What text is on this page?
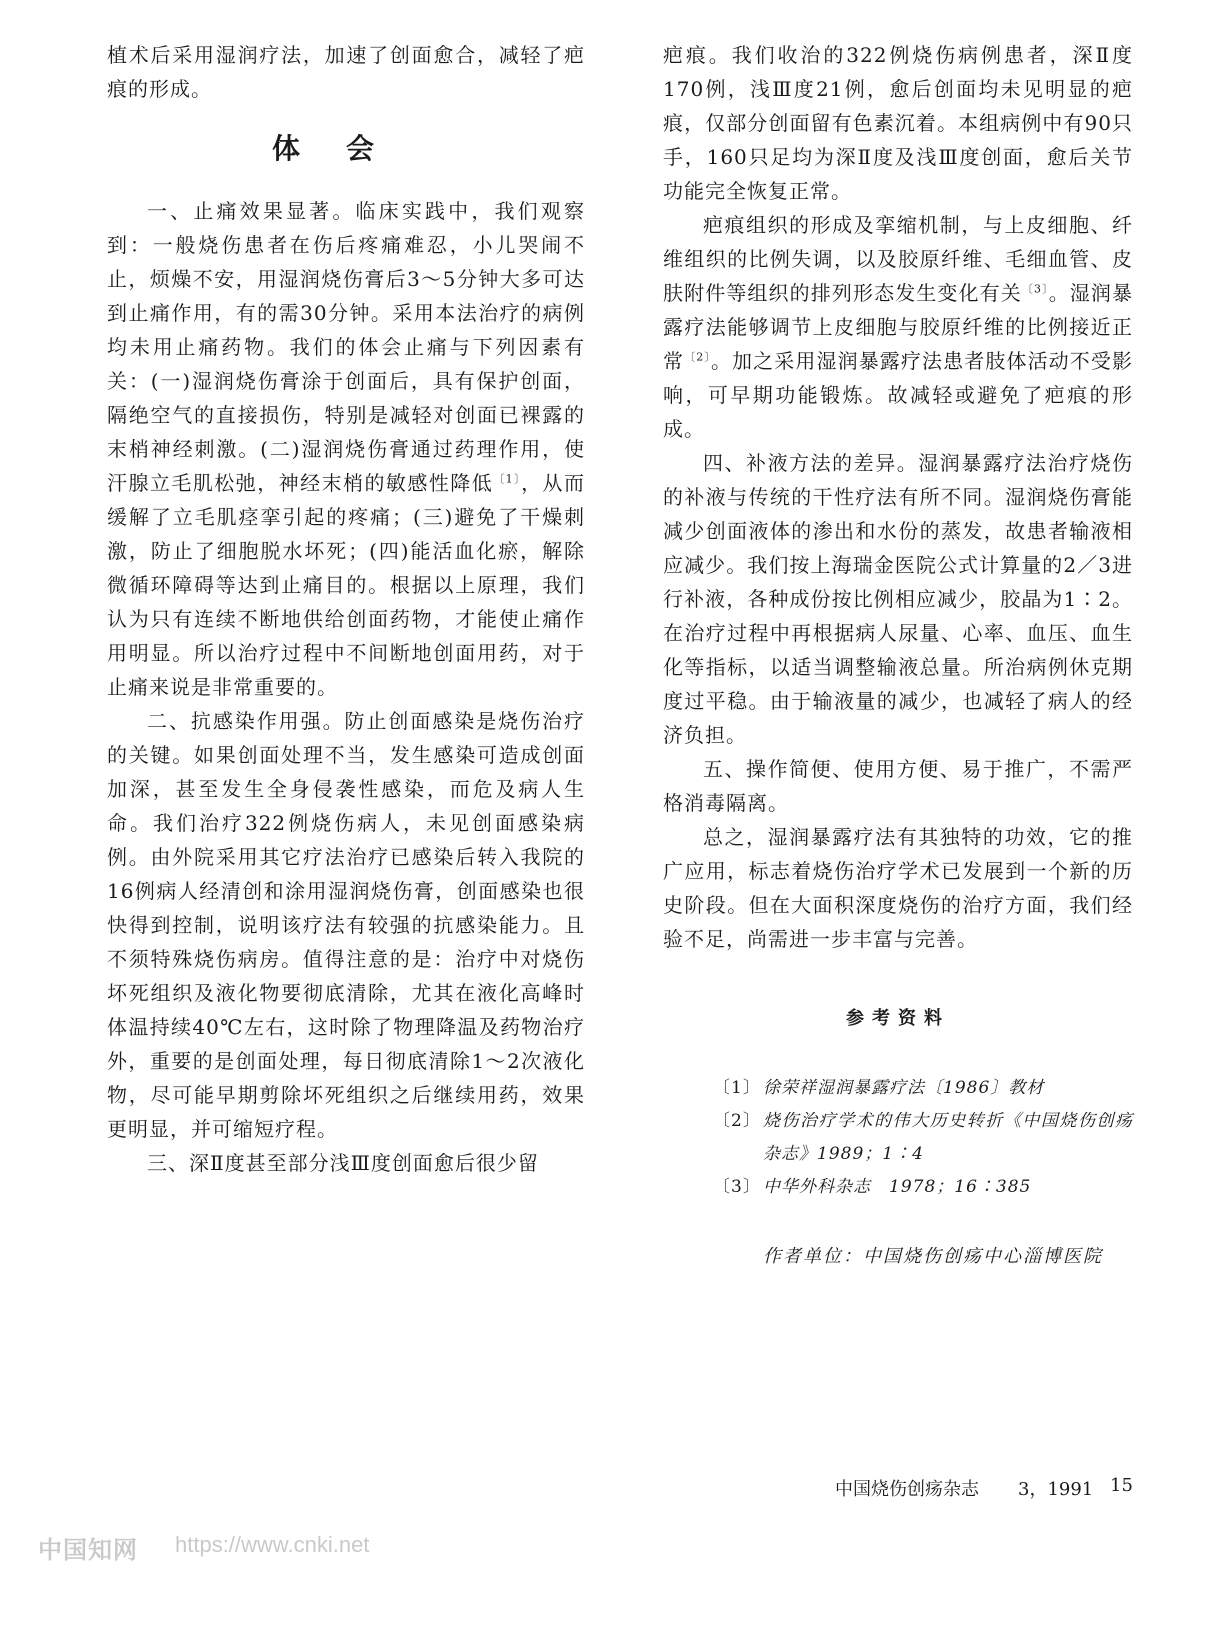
植术后采用湿润疗法，加速了创面愈合，减轻了疤痕的形成。

体会

一、止痛效果显著。临床实践中，我们观察到：一般烧伤患者在伤后疼痛难忍，小儿哭闹不止，烦燥不安，用湿润烧伤膏后3～5分钟大多可达到止痛作用，有的需30分钟。采用本法治疗的病例均未用止痛药物。我们的体会止痛与下列因素有关：(一)湿润烧伤膏涂于创面后，具有保护创面，隔绝空气的直接损伤，特别是减轻对创面已裸露的末梢神经刺激。(二)湿润烧伤膏通过药理作用，使汗腺立毛肌松弛，神经末梢的敏感性降低$^{〔1〕}$，从而缓解了立毛肌痉挛引起的疼痛；(三)避免了干燥刺激，防止了细胞脱水坏死；(四)能活血化瘀，解除微循环障碍等达到止痛目的。根据以上原理，我们认为只有连续不断地供给创面药物，才能使止痛作用明显。所以治疗过程中不间断地创面用药，对于止痛来说是非常重要的。

二、抗感染作用强。防止创面感染是烧伤治疗的关键。如果创面处理不当，发生感染可造成创面加深，甚至发生全身侵袭性感染，而危及病人生命。我们治疗322例烧伤病人，未见创面感染病例。由外院采用其它疗法治疗已感染后转入我院的16例病人经清创和涂用湿润烧伤膏，创面感染也很快得到控制，说明该疗法有较强的抗感染能力。且不须特殊烧伤病房。值得注意的是：治疗中对烧伤坏死组织及液化物要彻底清除，尤其在液化高峰时体温持续40℃左右，这时除了物理降温及药物治疗外，重要的是创面处理，每日彻底清除1～2次液化物，尽可能早期剪除坏死组织之后继续用药，效果更明显，并可缩短疗程。

三、深Ⅱ度甚至部分浅Ⅲ度创面愈后很少留

疤痕。我们收治的322例烧伤病例患者，深Ⅱ度170例，浅Ⅲ度21例，愈后创面均未见明显的疤痕，仅部分创面留有色素沉着。本组病例中有90只手，160只足均为深Ⅱ度及浅Ⅲ度创面，愈后关节功能完全恢复正常。

疤痕组织的形成及挛缩机制，与上皮细胞、纤维组织的比例失调，以及胶原纤维、毛细血管、皮肤附件等组织的排列形态发生变化有关$^{〔3〕}$。湿润暴露疗法能够调节上皮细胞与胶原纤维的比例接近正常$^{〔2〕}$。加之采用湿润暴露疗法患者肢体活动不受影响，可早期功能锻炼。故减轻或避免了疤痕的形成。

四、补液方法的差异。湿润暴露疗法治疗烧伤的补液与传统的干性疗法有所不同。湿润烧伤膏能减少创面液体的渗出和水份的蒸发，故患者输液相应减少。我们按上海瑞金医院公式计算量的2／3进行补液，各种成份按比例相应减少，胶晶为1∶2。在治疗过程中再根据病人尿量、心率、血压、血生化等指标，以适当调整输液总量。所治病例休克期度过平稳。由于输液量的减少，也减轻了病人的经济负担。

五、操作简便、使用方便、易于推广，不需严格消毒隔离。

总之，湿润暴露疗法有其独特的功效，它的推广应用，标志着烧伤治疗学术已发展到一个新的历史阶段。但在大面积深度烧伤的治疗方面，我们经验不足，尚需进一步丰富与完善。

参考资料
〔1〕 徐荣祥湿润暴露疗法〔1986〕教材
〔2〕 烧伤治疗学术的伟大历史转折《中国烧伤创疡杂志》1989；1∶4
〔3〕 中华外科杂志　1978；16∶385
作者单位：中国烧伤创疡中心淄博医院
中国烧伤创疡杂志 3，1991 15
中国知网 https://www.cnki.net
